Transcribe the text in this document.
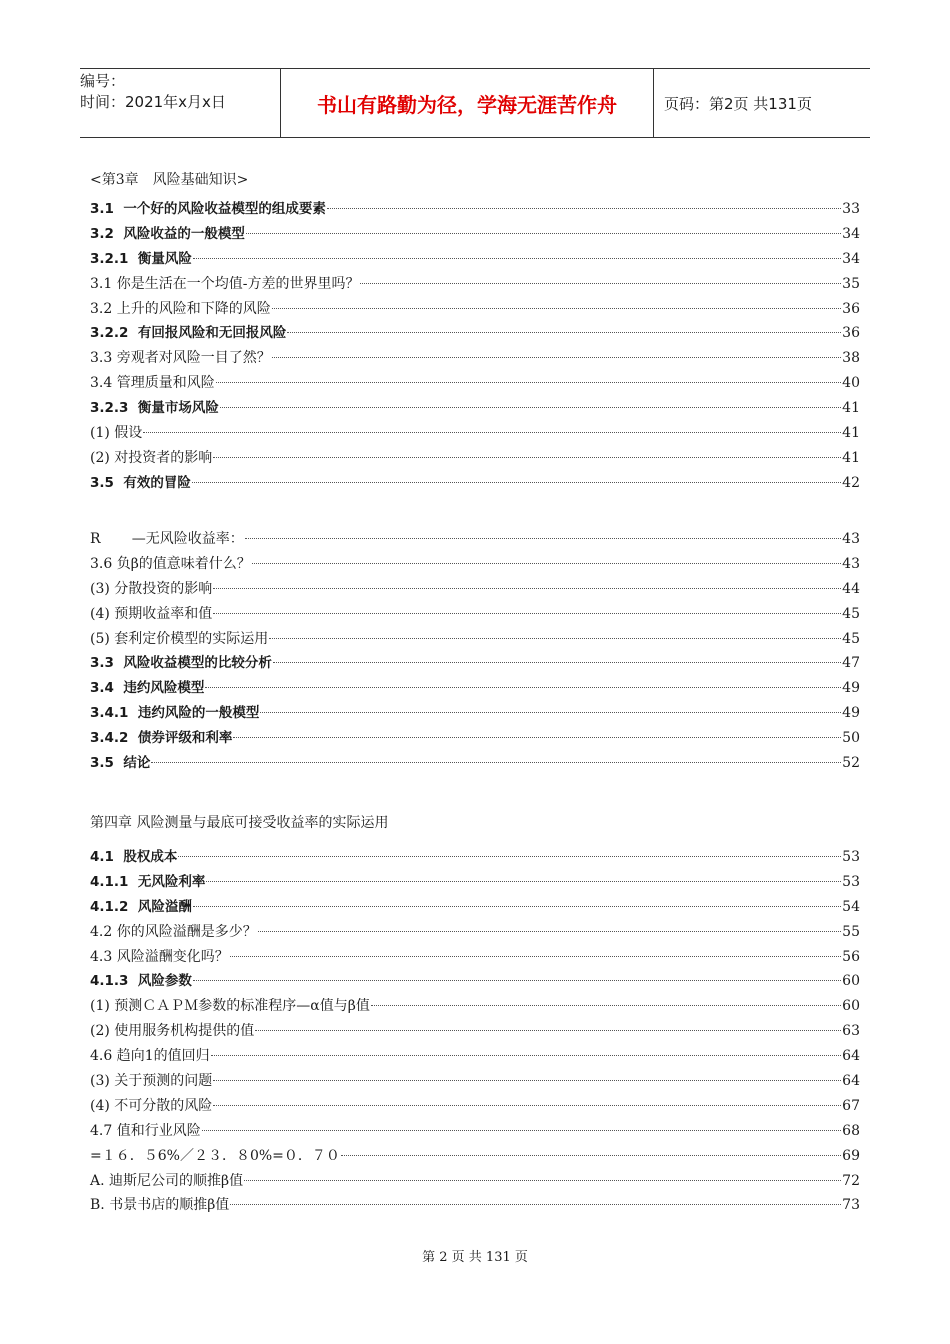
编号：
时间：2021年x月x日	书山有路勤为径，学海无涯苦作舟	页码：第2页 共131页
<第3章　风险基础知识>
3.1  一个好的风险收益模型的组成要素	33
3.2  风险收益的一般模型	34
3.2.1  衡量风险	34
3.1 你是生活在一个均值-方差的世界里吗？	35
3.2 上升的风险和下降的风险	36
3.2.2  有回报风险和无回报风险	36
3.3 旁观者对风险一目了然？	38
3.4 管理质量和风险	40
3.2.3  衡量市场风险	41
(1) 假设	41
(2) 对投资者的影响	41
3.5  有效的冒险	42
R       —无风险收益率：	43
3.6 负β的值意味着什么？	43
(3) 分散投资的影响	44
(4) 预期收益率和值	45
(5) 套利定价模型的实际运用	45
3.3  风险收益模型的比较分析	47
3.4  违约风险模型	49
3.4.1  违约风险的一般模型	49
3.4.2  债券评级和利率	50
3.5  结论	52
第四章 风险测量与最底可接受收益率的实际运用
4.1  股权成本	53
4.1.1  无风险利率	53
4.1.2  风险溢酬	54
4.2 你的风险溢酬是多少？	55
4.3 风险溢酬变化吗？	56
4.1.3  风险参数	60
(1) 预测ＣＡＰＭ参数的标准程序—α值与β值	60
(2) 使用服务机构提供的值	63
4.6 趋向1的值回归	64
(3) 关于预测的问题	64
(4) 不可分散的风险	67
4.7 值和行业风险	68
=１６．５6%／２３．８0%=０．７０	69
A. 迪斯尼公司的顺推β值	72
B. 书景书店的顺推β值	73
第 2 页 共 131 页
